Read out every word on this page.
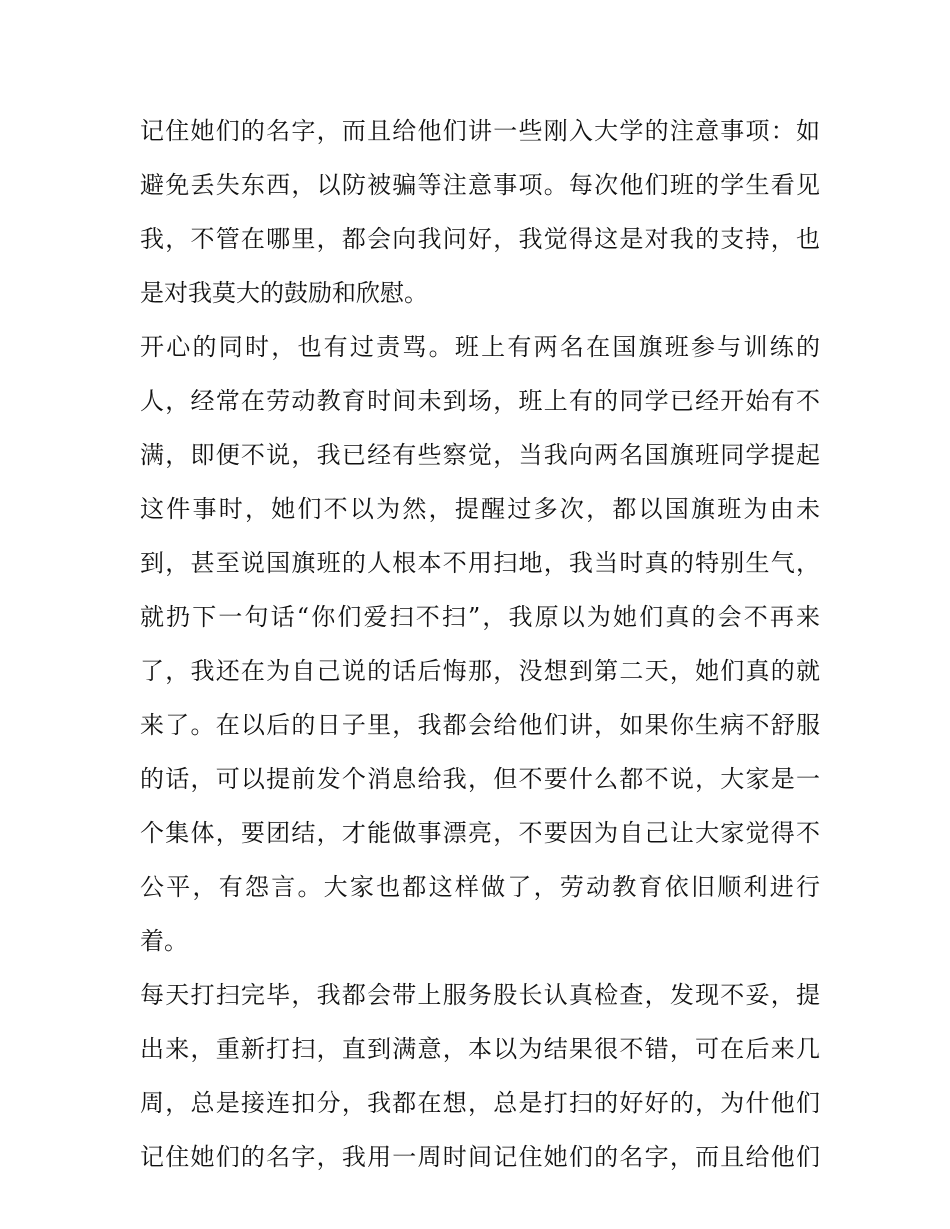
记住她们的名字，而且给他们讲一些刚入大学的注意事项：如
避免丢失东西，以防被骗等注意事项。每次他们班的学生看见
我，不管在哪里，都会向我问好，我觉得这是对我的支持，也
是对我莫大的鼓励和欣慰。
开心的同时，也有过责骂。班上有两名在国旗班参与训练的
人，经常在劳动教育时间未到场，班上有的同学已经开始有不
满，即便不说，我已经有些察觉，当我向两名国旗班同学提起
这件事时，她们不以为然，提醒过多次，都以国旗班为由未
到，甚至说国旗班的人根本不用扫地，我当时真的特别生气，
就扔下一句话“你们爱扫不扫”，我原以为她们真的会不再来
了，我还在为自己说的话后悔那，没想到第二天，她们真的就
来了。在以后的日子里，我都会给他们讲，如果你生病不舒服
的话，可以提前发个消息给我，但不要什么都不说，大家是一
个集体，要团结，才能做事漂亮，不要因为自己让大家觉得不
公平，有怨言。大家也都这样做了，劳动教育依旧顺利进行
着。
每天打扫完毕，我都会带上服务股长认真检查，发现不妥，提
出来，重新打扫，直到满意，本以为结果很不错，可在后来几
周，总是接连扣分，我都在想，总是打扫的好好的，为什他们
记住她们的名字，我用一周时间记住她们的名字，而且给他们
